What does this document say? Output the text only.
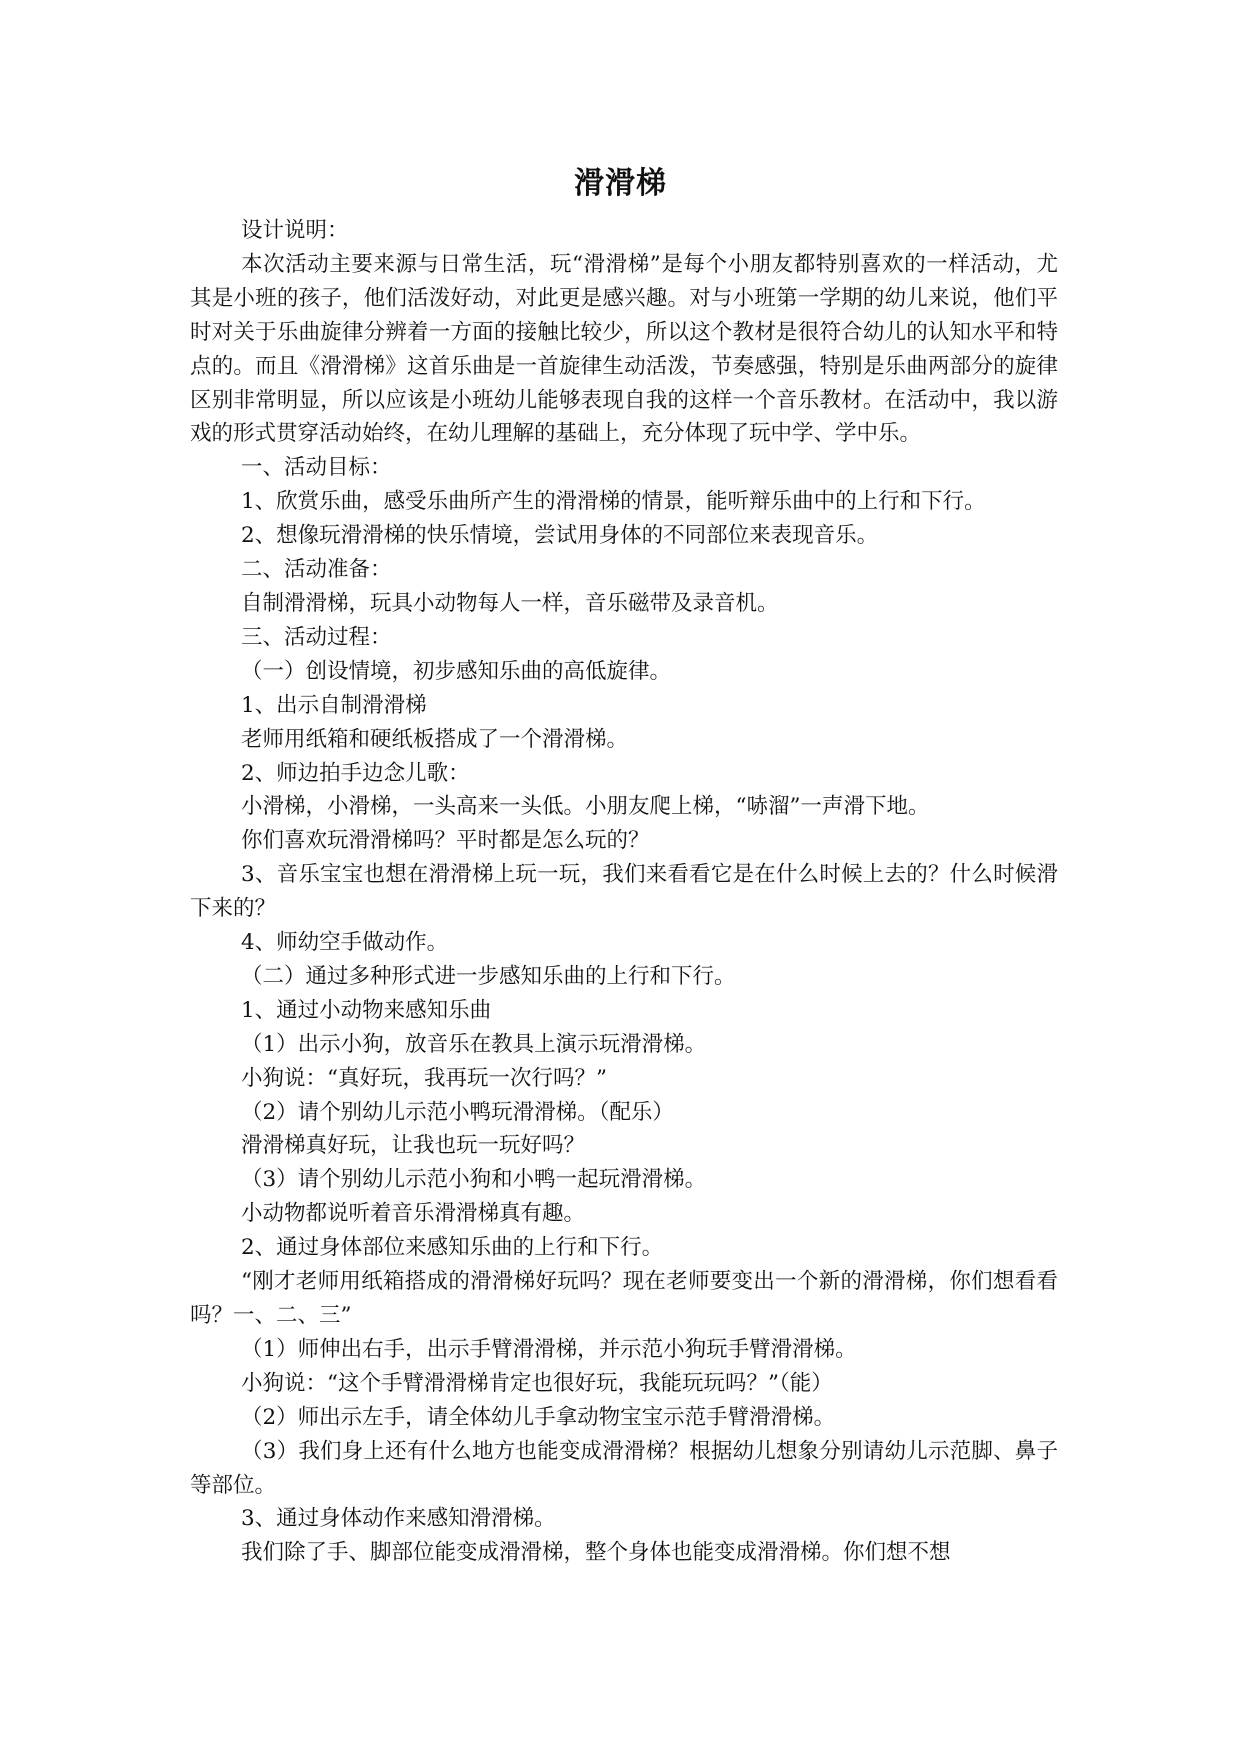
滑滑梯

设计说明：

本次活动主要来源与日常生活，玩“滑滑梯”是每个小朋友都特别喜欢的一样活动，尤其是小班的孩子，他们活泼好动，对此更是感兴趣。对与小班第一学期的幼儿来说，他们平时对关于乐曲旋律分辨着一方面的接触比较少，所以这个教材是很符合幼儿的认知水平和特点的。而且《滑滑梯》这首乐曲是一首旋律生动活泼，节奏感强，特别是乐曲两部分的旋律区别非常明显，所以应该是小班幼儿能够表现自我的这样一个音乐教材。在活动中，我以游戏的形式贯穿活动始终，在幼儿理解的基础上，充分体现了玩中学、学中乐。

一、活动目标：

1、欣赏乐曲，感受乐曲所产生的滑滑梯的情景，能听辩乐曲中的上行和下行。

2、想像玩滑滑梯的快乐情境，尝试用身体的不同部位来表现音乐。

二、活动准备：

自制滑滑梯，玩具小动物每人一样，音乐磁带及录音机。

三、活动过程：

（一）创设情境，初步感知乐曲的高低旋律。

1、出示自制滑滑梯

老师用纸箱和硬纸板搭成了一个滑滑梯。

2、师边拍手边念儿歌：

小滑梯，小滑梯，一头高来一头低。小朋友爬上梯，“哧溜”一声滑下地。

你们喜欢玩滑滑梯吗？平时都是怎么玩的？

3、音乐宝宝也想在滑滑梯上玩一玩，我们来看看它是在什么时候上去的？什么时候滑下来的？

4、师幼空手做动作。

（二）通过多种形式进一步感知乐曲的上行和下行。

1、通过小动物来感知乐曲

（1）出示小狗，放音乐在教具上演示玩滑滑梯。

小狗说：“真好玩，我再玩一次行吗？”

（2）请个别幼儿示范小鸭玩滑滑梯。（配乐）

滑滑梯真好玩，让我也玩一玩好吗？

（3）请个别幼儿示范小狗和小鸭一起玩滑滑梯。

小动物都说听着音乐滑滑梯真有趣。

2、通过身体部位来感知乐曲的上行和下行。

“刚才老师用纸箱搭成的滑滑梯好玩吗？现在老师要变出一个新的滑滑梯，你们想看看吗？一、二、三”

（1）师伸出右手，出示手臂滑滑梯，并示范小狗玩手臂滑滑梯。

小狗说：“这个手臂滑滑梯肯定也很好玩，我能玩玩吗？”（能）

（2）师出示左手，请全体幼儿手拿动物宝宝示范手臂滑滑梯。

（3）我们身上还有什么地方也能变成滑滑梯？根据幼儿想象分别请幼儿示范脚、鼻子等部位。

3、通过身体动作来感知滑滑梯。

我们除了手、脚部位能变成滑滑梯，整个身体也能变成滑滑梯。你们想不想
